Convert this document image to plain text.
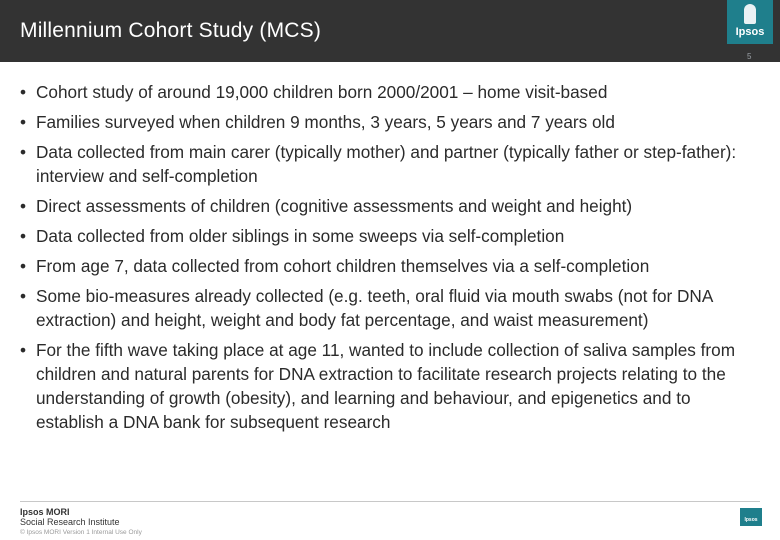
Millennium Cohort Study (MCS)	Ipsos
5
• Cohort study of around 19,000 children born 2000/2001 – home visit-based
• Families surveyed when children 9 months, 3 years, 5 years and 7 years old
• Data collected from main carer (typically mother) and partner (typically father or step-father): interview and self-completion
• Direct assessments of children (cognitive assessments and weight and height)
• Data collected from older siblings in some sweeps via self-completion
• From age 7, data collected from cohort children themselves via a self-completion
• Some bio-measures already collected (e.g. teeth, oral fluid via mouth swabs (not for DNA extraction) and height, weight and body fat percentage, and waist measurement)
• For the fifth wave taking place at age 11, wanted to include collection of saliva samples from children and natural parents for DNA extraction to facilitate research projects relating to the understanding of growth (obesity), and learning and behaviour, and epigenetics and to establish a DNA bank for subsequent research
Ipsos MORI
Social Research Institute
© Ipsos MORI Version 1 Internal Use Only
Ipsos
